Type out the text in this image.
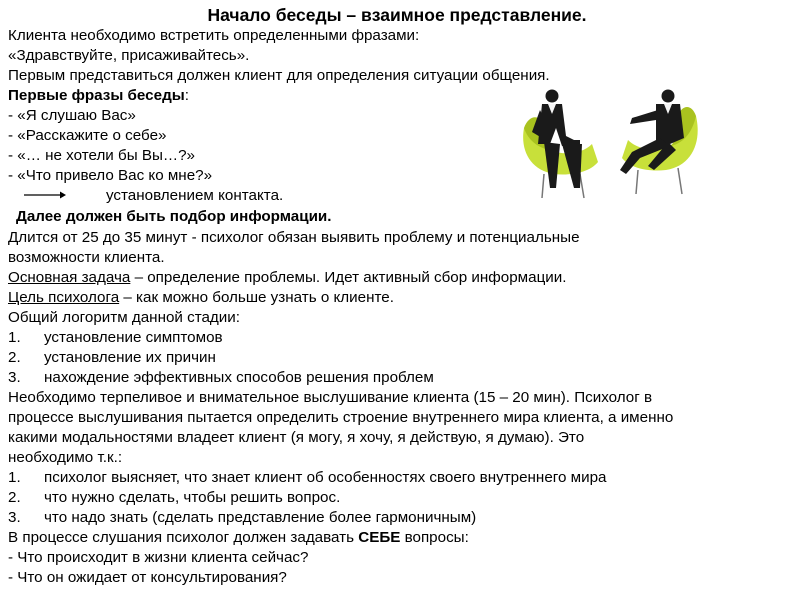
Начало беседы – взаимное представление.
Клиента необходимо встретить определенными фразами:
«Здравствуйте, присаживайтесь».
Первым представиться должен клиент для определения ситуации общения.
Первые фразы беседы:
- «Я слушаю Вас»
- «Расскажите о себе»
- «… не хотели бы Вы…?»
- «Что привело Вас ко мне?»
установлением контакта.
Далее должен быть подбор информации.
Длится от 25 до 35 минут - психолог обязан выявить проблему и потенциальные
возможности клиента.
Основная задача – определение проблемы. Идет активный сбор информации.
Цель психолога – как можно больше узнать о клиенте.
Общий логоритм данной стадии:
1. установление симптомов
2. установление их причин
3. нахождение эффективных способов решения проблем
Необходимо терпеливое и внимательное выслушивание клиента (15 – 20 мин). Психолог в
процессе выслушивания пытается определить строение внутреннего мира клиента, а именно
какими модальностями владеет клиент (я могу, я хочу, я действую, я думаю). Это
необходимо т.к.:
1. психолог выясняет, что знает клиент об особенностях своего внутреннего мира
2. что нужно сделать, чтобы решить вопрос.
3. что надо знать (сделать представление более гармоничным)
В процессе слушания психолог должен задавать СЕБЕ вопросы:
- Что происходит в жизни клиента сейчас?
- Что он ожидает от консультирования?
